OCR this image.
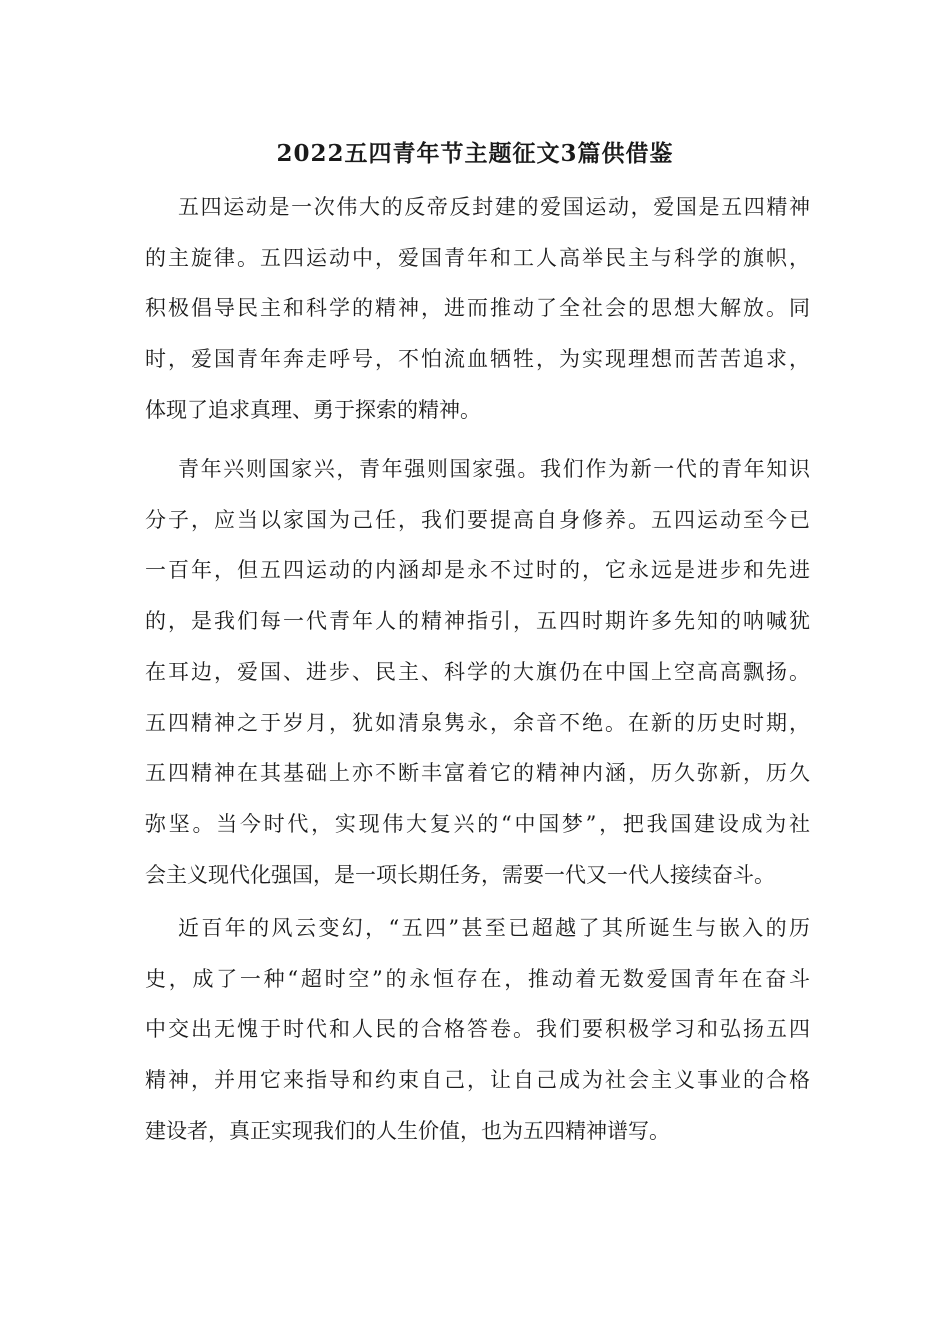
2022五四青年节主题征文3篇供借鉴
五四运动是一次伟大的反帝反封建的爱国运动，爱国是五四精神
的主旋律。五四运动中，爱国青年和工人高举民主与科学的旗帜，
积极倡导民主和科学的精神，进而推动了全社会的思想大解放。同
时，爱国青年奔走呼号，不怕流血牺牲，为实现理想而苦苦追求，
体现了追求真理、勇于探索的精神。
青年兴则国家兴，青年强则国家强。我们作为新一代的青年知识
分子，应当以家国为己任，我们要提高自身修养。五四运动至今已
一百年，但五四运动的内涵却是永不过时的，它永远是进步和先进
的，是我们每一代青年人的精神指引，五四时期许多先知的呐喊犹
在耳边，爱国、进步、民主、科学的大旗仍在中国上空高高飘扬。
五四精神之于岁月，犹如清泉隽永，余音不绝。在新的历史时期，
五四精神在其基础上亦不断丰富着它的精神内涵，历久弥新，历久
弥坚。当今时代，实现伟大复兴的“中国梦”，把我国建设成为社
会主义现代化强国，是一项长期任务，需要一代又一代人接续奋斗。
近百年的风云变幻，“五四”甚至已超越了其所诞生与嵌入的历
史，成了一种“超时空”的永恒存在，推动着无数爱国青年在奋斗
中交出无愧于时代和人民的合格答卷。我们要积极学习和弘扬五四
精神，并用它来指导和约束自己，让自己成为社会主义事业的合格
建设者，真正实现我们的人生价值，也为五四精神谱写。
